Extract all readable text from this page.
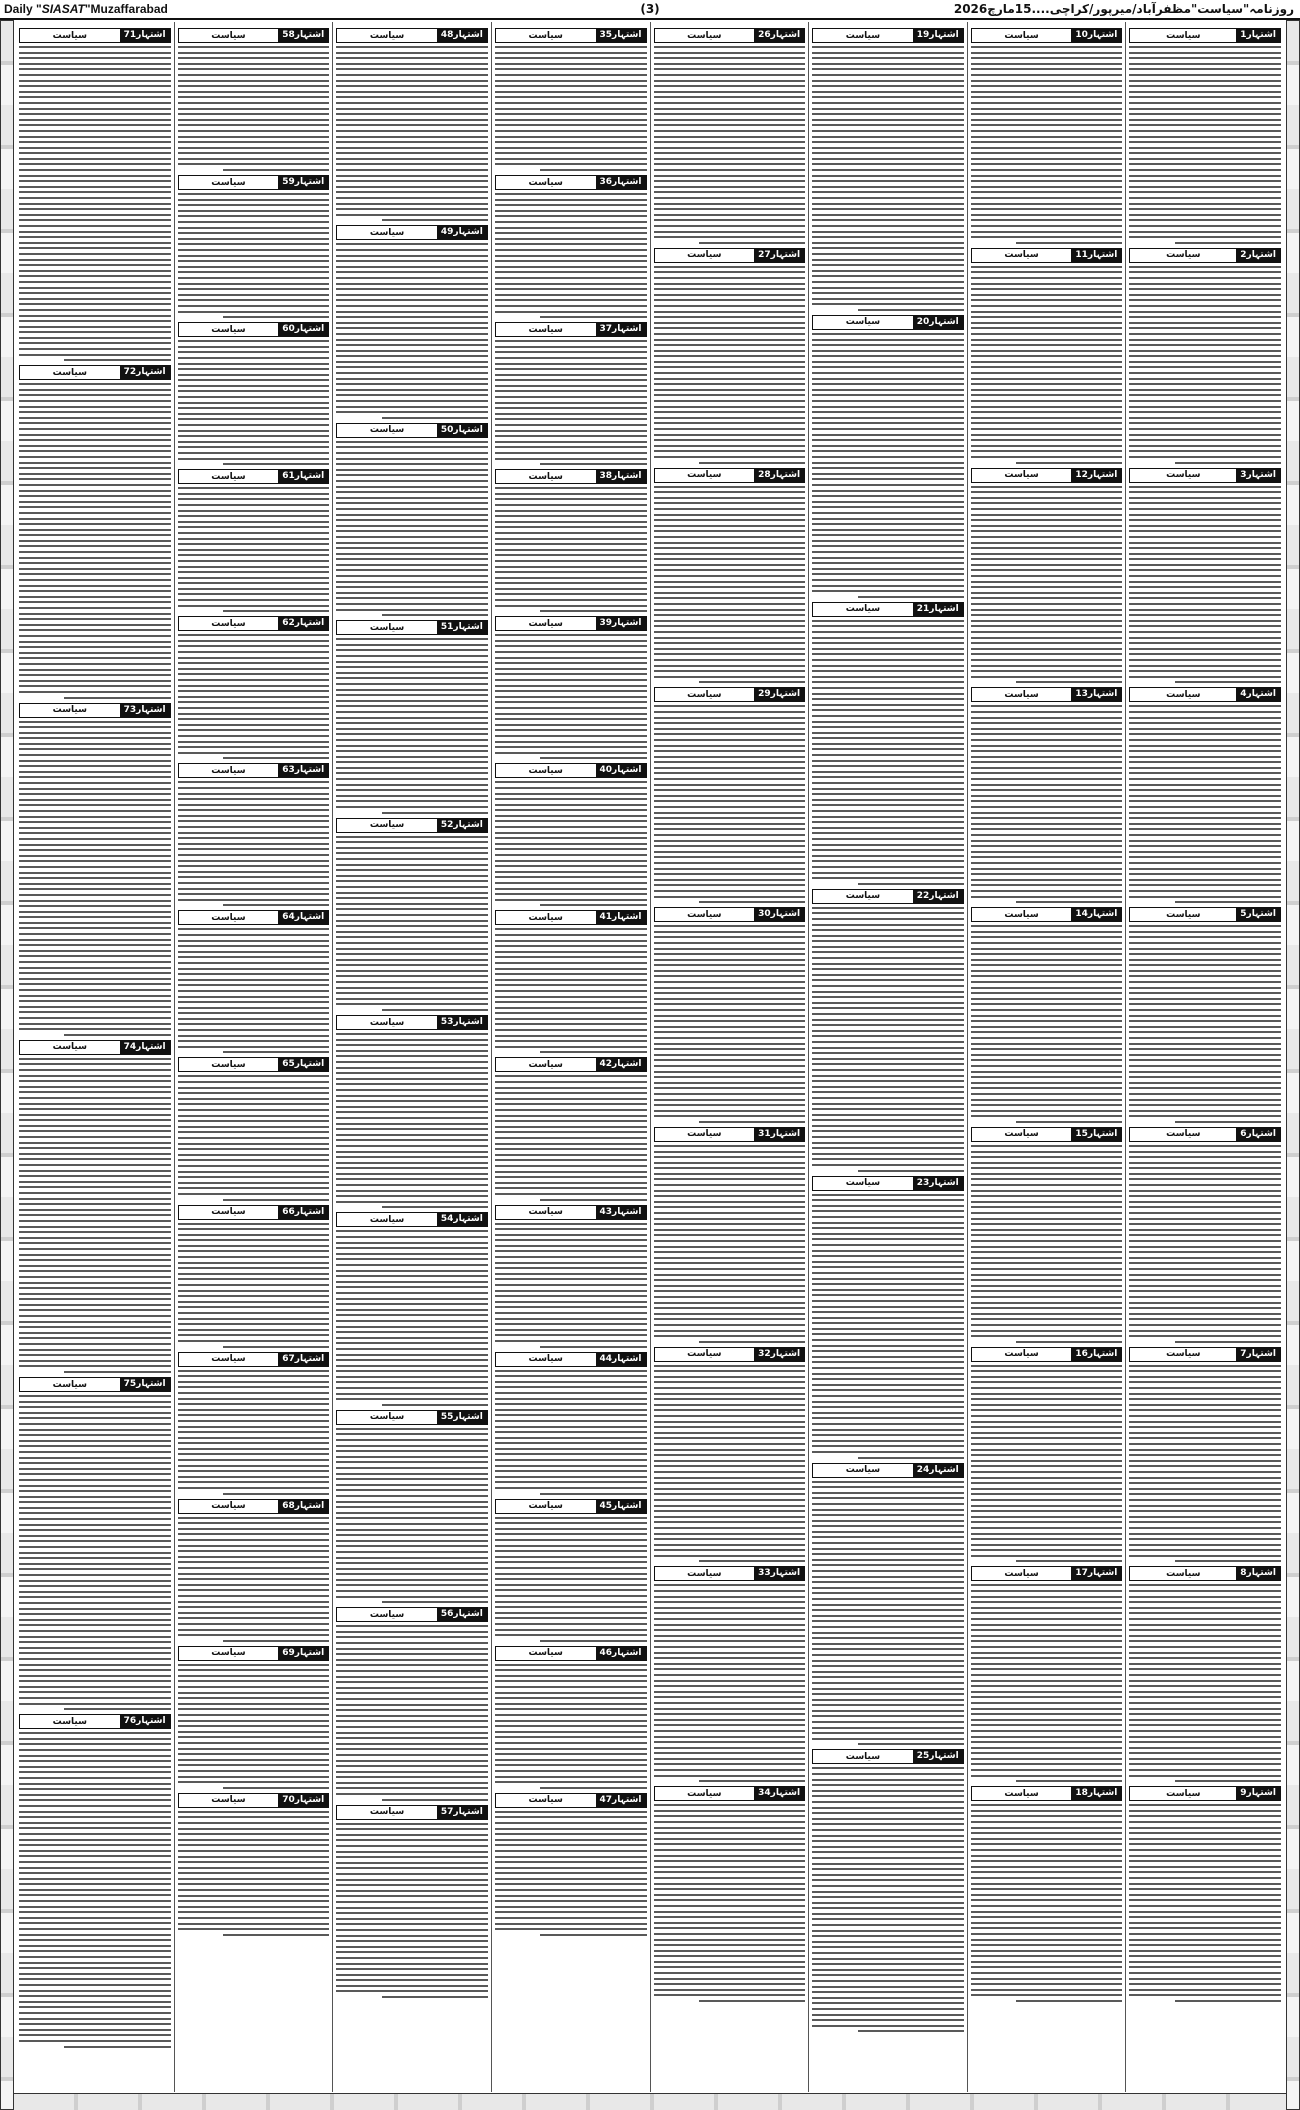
Daily "SIASAT"Muzaffarabad	(3)	روزنامہ"سیاست"مظفرآباد/میرپور/کراچی....15مارچ2026
اشتہار1
سیاست
اشتہار2
سیاست
اشتہار3
سیاست
اشتہار4
سیاست
اشتہار5
سیاست
اشتہار6
سیاست
اشتہار7
سیاست
اشتہار8
سیاست
اشتہار9
سیاست
اشتہار10
سیاست
اشتہار11
سیاست
اشتہار12
سیاست
اشتہار13
سیاست
اشتہار14
سیاست
اشتہار15
سیاست
اشتہار16
سیاست
اشتہار17
سیاست
اشتہار18
سیاست
اشتہار19
سیاست
اشتہار20
سیاست
اشتہار21
سیاست
اشتہار22
سیاست
اشتہار23
سیاست
اشتہار24
سیاست
اشتہار25
سیاست
اشتہار26
سیاست
اشتہار27
سیاست
اشتہار28
سیاست
اشتہار29
سیاست
اشتہار30
سیاست
اشتہار31
سیاست
اشتہار32
سیاست
اشتہار33
سیاست
اشتہار34
سیاست
اشتہار35
سیاست
اشتہار36
سیاست
اشتہار37
سیاست
اشتہار38
سیاست
اشتہار39
سیاست
اشتہار40
سیاست
اشتہار41
سیاست
اشتہار42
سیاست
اشتہار43
سیاست
اشتہار44
سیاست
اشتہار45
سیاست
اشتہار46
سیاست
اشتہار47
سیاست
اشتہار48
سیاست
اشتہار49
سیاست
اشتہار50
سیاست
اشتہار51
سیاست
اشتہار52
سیاست
اشتہار53
سیاست
اشتہار54
سیاست
اشتہار55
سیاست
اشتہار56
سیاست
اشتہار57
سیاست
اشتہار58
سیاست
اشتہار59
سیاست
اشتہار60
سیاست
اشتہار61
سیاست
اشتہار62
سیاست
اشتہار63
سیاست
اشتہار64
سیاست
اشتہار65
سیاست
اشتہار66
سیاست
اشتہار67
سیاست
اشتہار68
سیاست
اشتہار69
سیاست
اشتہار70
سیاست
اشتہار71
سیاست
اشتہار72
سیاست
اشتہار73
سیاست
اشتہار74
سیاست
اشتہار75
سیاست
اشتہار76
سیاست
